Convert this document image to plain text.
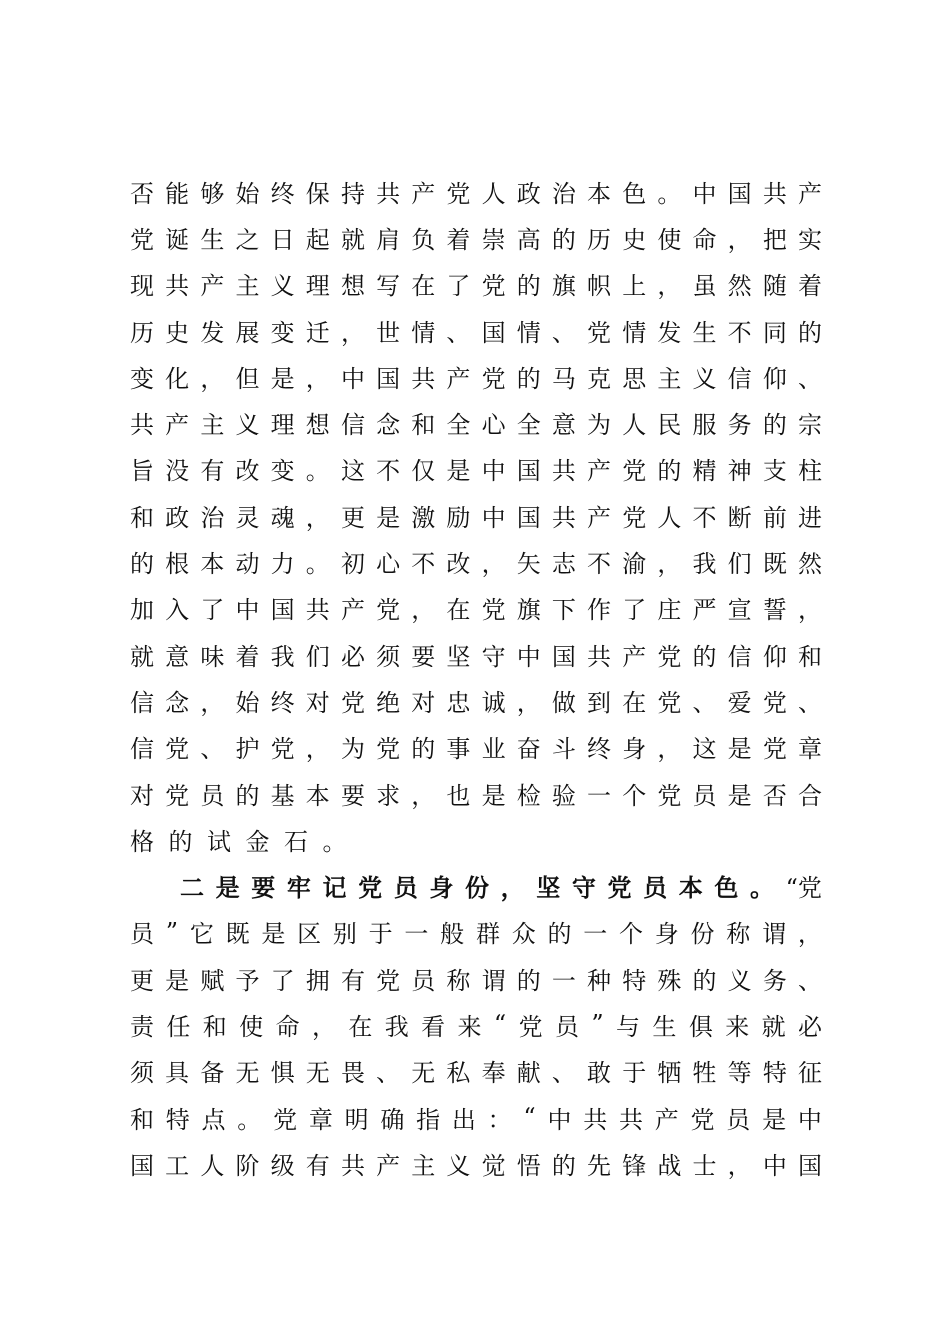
否 能 够 始 终 保 持 共 产 党 人 政 治 本 色 。 中 国 共 产
党 诞 生 之 日 起 就 肩 负 着 崇 高 的 历 史 使 命 ， 把 实
现 共 产 主 义 理 想 写 在 了 党 的 旗 帜 上 ， 虽 然 随 着
历 史 发 展 变 迁 ， 世 情 、 国 情 、 党 情 发 生 不 同 的
变 化 ， 但 是 ， 中 国 共 产 党 的 马 克 思 主 义 信 仰 、
共 产 主 义 理 想 信 念 和 全 心 全 意 为 人 民 服 务 的 宗
旨 没 有 改 变 。 这 不 仅 是 中 国 共 产 党 的 精 神 支 柱
和 政 治 灵 魂 ， 更 是 激 励 中 国 共 产 党 人 不 断 前 进
的 根 本 动 力 。 初 心 不 改 ， 矢 志 不 渝 ， 我 们 既 然
加 入 了 中 国 共 产 党 ， 在 党 旗 下 作 了 庄 严 宣 誓 ，
就 意 味 着 我 们 必 须 要 坚 守 中 国 共 产 党 的 信 仰 和
信 念 ， 始 终 对 党 绝 对 忠 诚 ， 做 到 在 党 、 爱 党 、
信 党 、 护 党 ， 为 党 的 事 业 奋 斗 终 身 ， 这 是 党 章
对 党 员 的 基 本 要 求 ， 也 是 检 验 一 个 党 员 是 否 合
格的试金石。
二 是 要 牢 记 党 员 身 份 ， 坚 守 党 员 本 色 。 “党
员 ” 它 既 是 区 别 于 一 般 群 众 的 一 个 身 份 称 谓 ，
更 是 赋 予 了 拥 有 党 员 称 谓 的 一 种 特 殊 的 义 务 、
责 任 和 使 命 ， 在 我 看 来 “ 党 员 ” 与 生 俱 来 就 必
须 具 备 无 惧 无 畏 、 无 私 奉 献 、 敢 于 牺 牲 等 特 征
和 特 点 。 党 章 明 确 指 出 ： “ 中 共 共 产 党 员 是 中
国 工 人 阶 级 有 共 产 主 义 觉 悟 的 先 锋 战 士 ， 中 国
